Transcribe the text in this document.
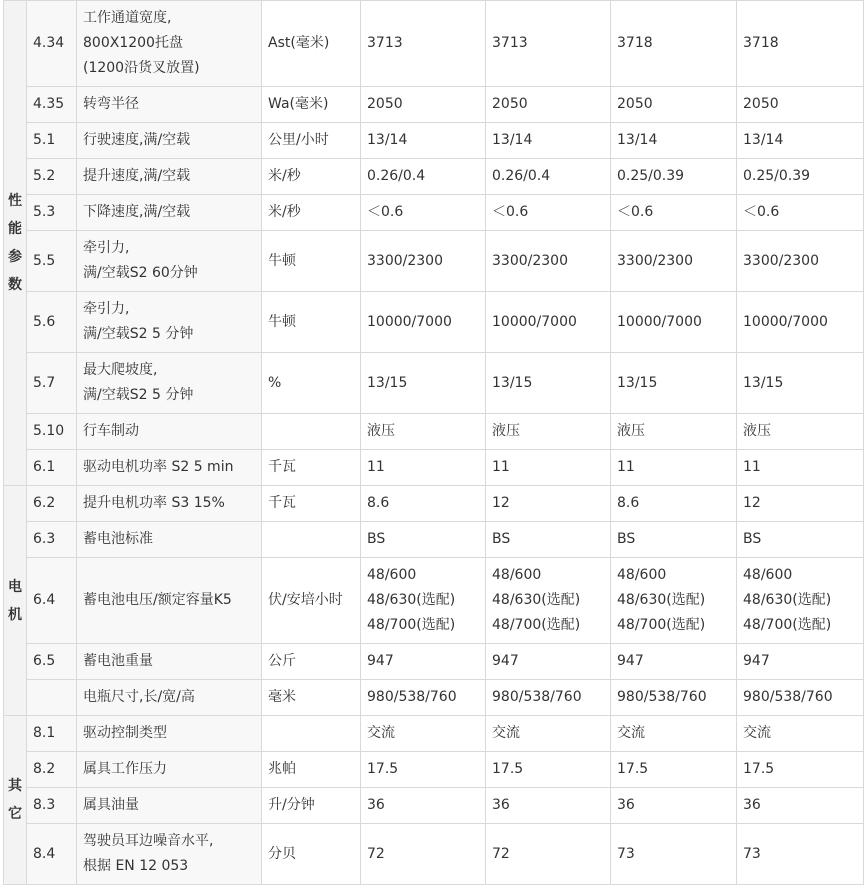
性
能
参
数	4.34	工作通道宽度,
800X1200托盘
(1200沿货叉放置)	Ast(毫米)	3713	3713	3718	3718

	4.35	转弯半径	Wa(毫米)	2050	2050	2050	2050

	5.1	行驶速度,满/空载	公里/小时	13/14	13/14	13/14	13/14

	5.2	提升速度,满/空载	米/秒	0.26/0.4	0.26/0.4	0.25/0.39	0.25/0.39

	5.3	下降速度,满/空载	米/秒	＜0.6	＜0.6	＜0.6	＜0.6

	5.5	牵引力,
满/空载S2 60分钟	牛顿	3300/2300	3300/2300	3300/2300	3300/2300

	5.6	牵引力,
满/空载S2 5 分钟	牛顿	10000/7000	10000/7000	10000/7000	10000/7000

	5.7	最大爬坡度,
满/空载S2 5 分钟	%	13/15	13/15	13/15	13/15

	5.10	行车制动		液压	液压	液压	液压

	6.1	驱动电机功率 S2 5 min	千瓦	11	11	11	11

电
机	6.2	提升电机功率 S3 15%	千瓦	8.6	12	8.6	12

	6.3	蓄电池标准		BS	BS	BS	BS

	6.4	蓄电池电压/额定容量K5	伏/安培小时	48/600
48/630(选配)
48/700(选配)	48/600
48/630(选配)
48/700(选配)	48/600
48/630(选配)
48/700(选配)	48/600
48/630(选配)
48/700(选配)

	6.5	蓄电池重量	公斤	947	947	947	947

		电瓶尺寸,长/宽/高	毫米	980/538/760	980/538/760	980/538/760	980/538/760

其
它	8.1	驱动控制类型		交流	交流	交流	交流

	8.2	属具工作压力	兆帕	17.5	17.5	17.5	17.5

	8.3	属具油量	升/分钟	36	36	36	36

	8.4	驾驶员耳边噪音水平,
根据 EN 12 053	分贝	72	72	73	73
